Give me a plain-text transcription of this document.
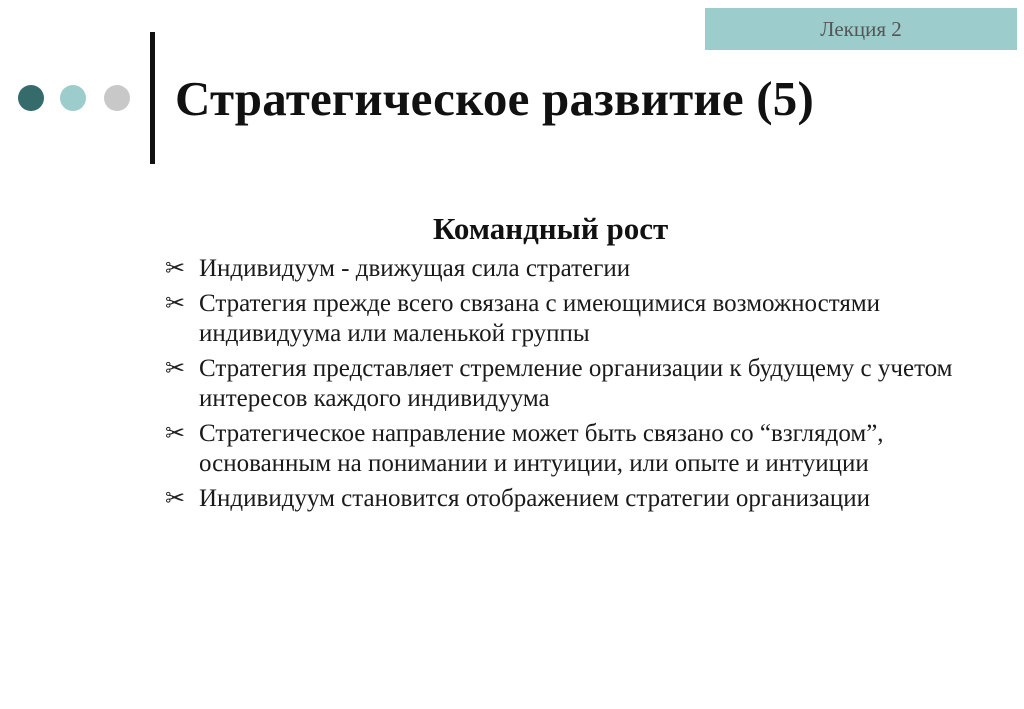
Лекция 2
Стратегическое развитие (5)
Командный рост
✂ Индивидуум - движущая сила стратегии
✂ Стратегия прежде всего связана с имеющимися возможностями индивидуума или маленькой группы
✂ Стратегия представляет стремление организации к будущему с учетом интересов каждого индивидуума
✂ Стратегическое направление может быть связано со “взглядом”, основанным на понимании и интуиции, или опыте и интуиции
✂ Индивидуум становится отображением стратегии организации
